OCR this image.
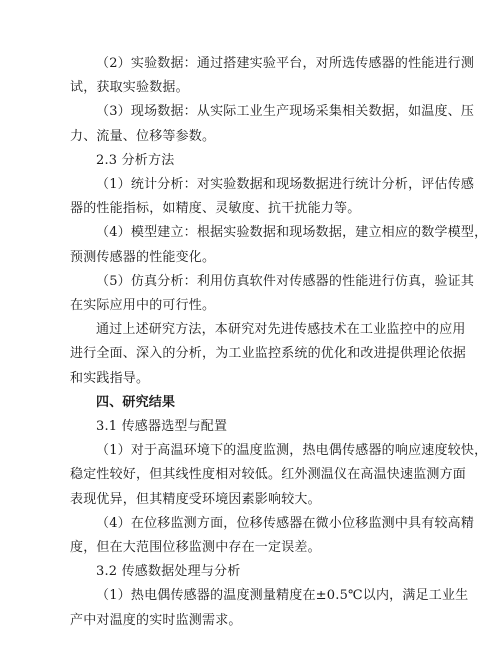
（2）实验数据：通过搭建实验平台，对所选传感器的性能进行测
试，获取实验数据。
（3）现场数据：从实际工业生产现场采集相关数据，如温度、压
力、流量、位移等参数。
2.3 分析方法
（1）统计分析：对实验数据和现场数据进行统计分析，评估传感
器的性能指标，如精度、灵敏度、抗干扰能力等。
（4）模型建立：根据实验数据和现场数据，建立相应的数学模型，
预测传感器的性能变化。
（5）仿真分析：利用仿真软件对传感器的性能进行仿真，验证其
在实际应用中的可行性。
通过上述研究方法，本研究对先进传感技术在工业监控中的应用
进行全面、深入的分析，为工业监控系统的优化和改进提供理论依据
和实践指导。
四、研究结果
3.1 传感器选型与配置
（1）对于高温环境下的温度监测，热电偶传感器的响应速度较快，
稳定性较好，但其线性度相对较低。红外测温仪在高温快速监测方面
表现优异，但其精度受环境因素影响较大。
（4）在位移监测方面，位移传感器在微小位移监测中具有较高精
度，但在大范围位移监测中存在一定误差。
3.2 传感数据处理与分析
（1）热电偶传感器的温度测量精度在±0.5℃以内，满足工业生
产中对温度的实时监测需求。
